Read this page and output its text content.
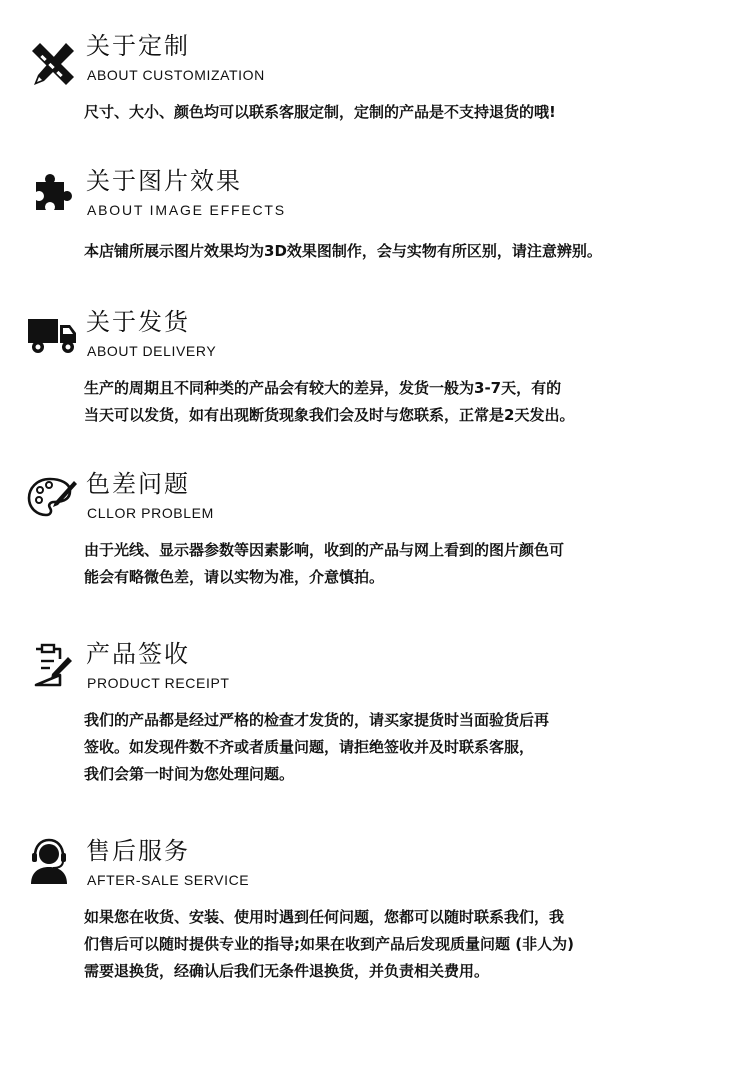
关于定制
ABOUT CUSTOMIZATION
尺寸、大小、颜色均可以联系客服定制，定制的产品是不支持退货的哦!
关于图片效果
ABOUT IMAGE EFFECTS
本店铺所展示图片效果均为3D效果图制作，会与实物有所区别，请注意辨别。
关于发货
ABOUT DELIVERY
生产的周期且不同种类的产品会有较大的差异，发货一般为3-7天，有的
当天可以发货，如有出现断货现象我们会及时与您联系，正常是2天发出。
色差问题
CLLOR PROBLEM
由于光线、显示器参数等因素影响，收到的产品与网上看到的图片颜色可
能会有略微色差，请以实物为准，介意慎拍。
产品签收
PRODUCT RECEIPT
我们的产品都是经过严格的检查才发货的，请买家提货时当面验货后再
签收。如发现件数不齐或者质量问题，请拒绝签收并及时联系客服，
我们会第一时间为您处理问题。
售后服务
AFTER-SALE SERVICE
如果您在收货、安装、使用时遇到任何问题，您都可以随时联系我们，我
们售后可以随时提供专业的指导;如果在收到产品后发现质量问题 (非人为)
需要退换货，经确认后我们无条件退换货，并负责相关费用。
